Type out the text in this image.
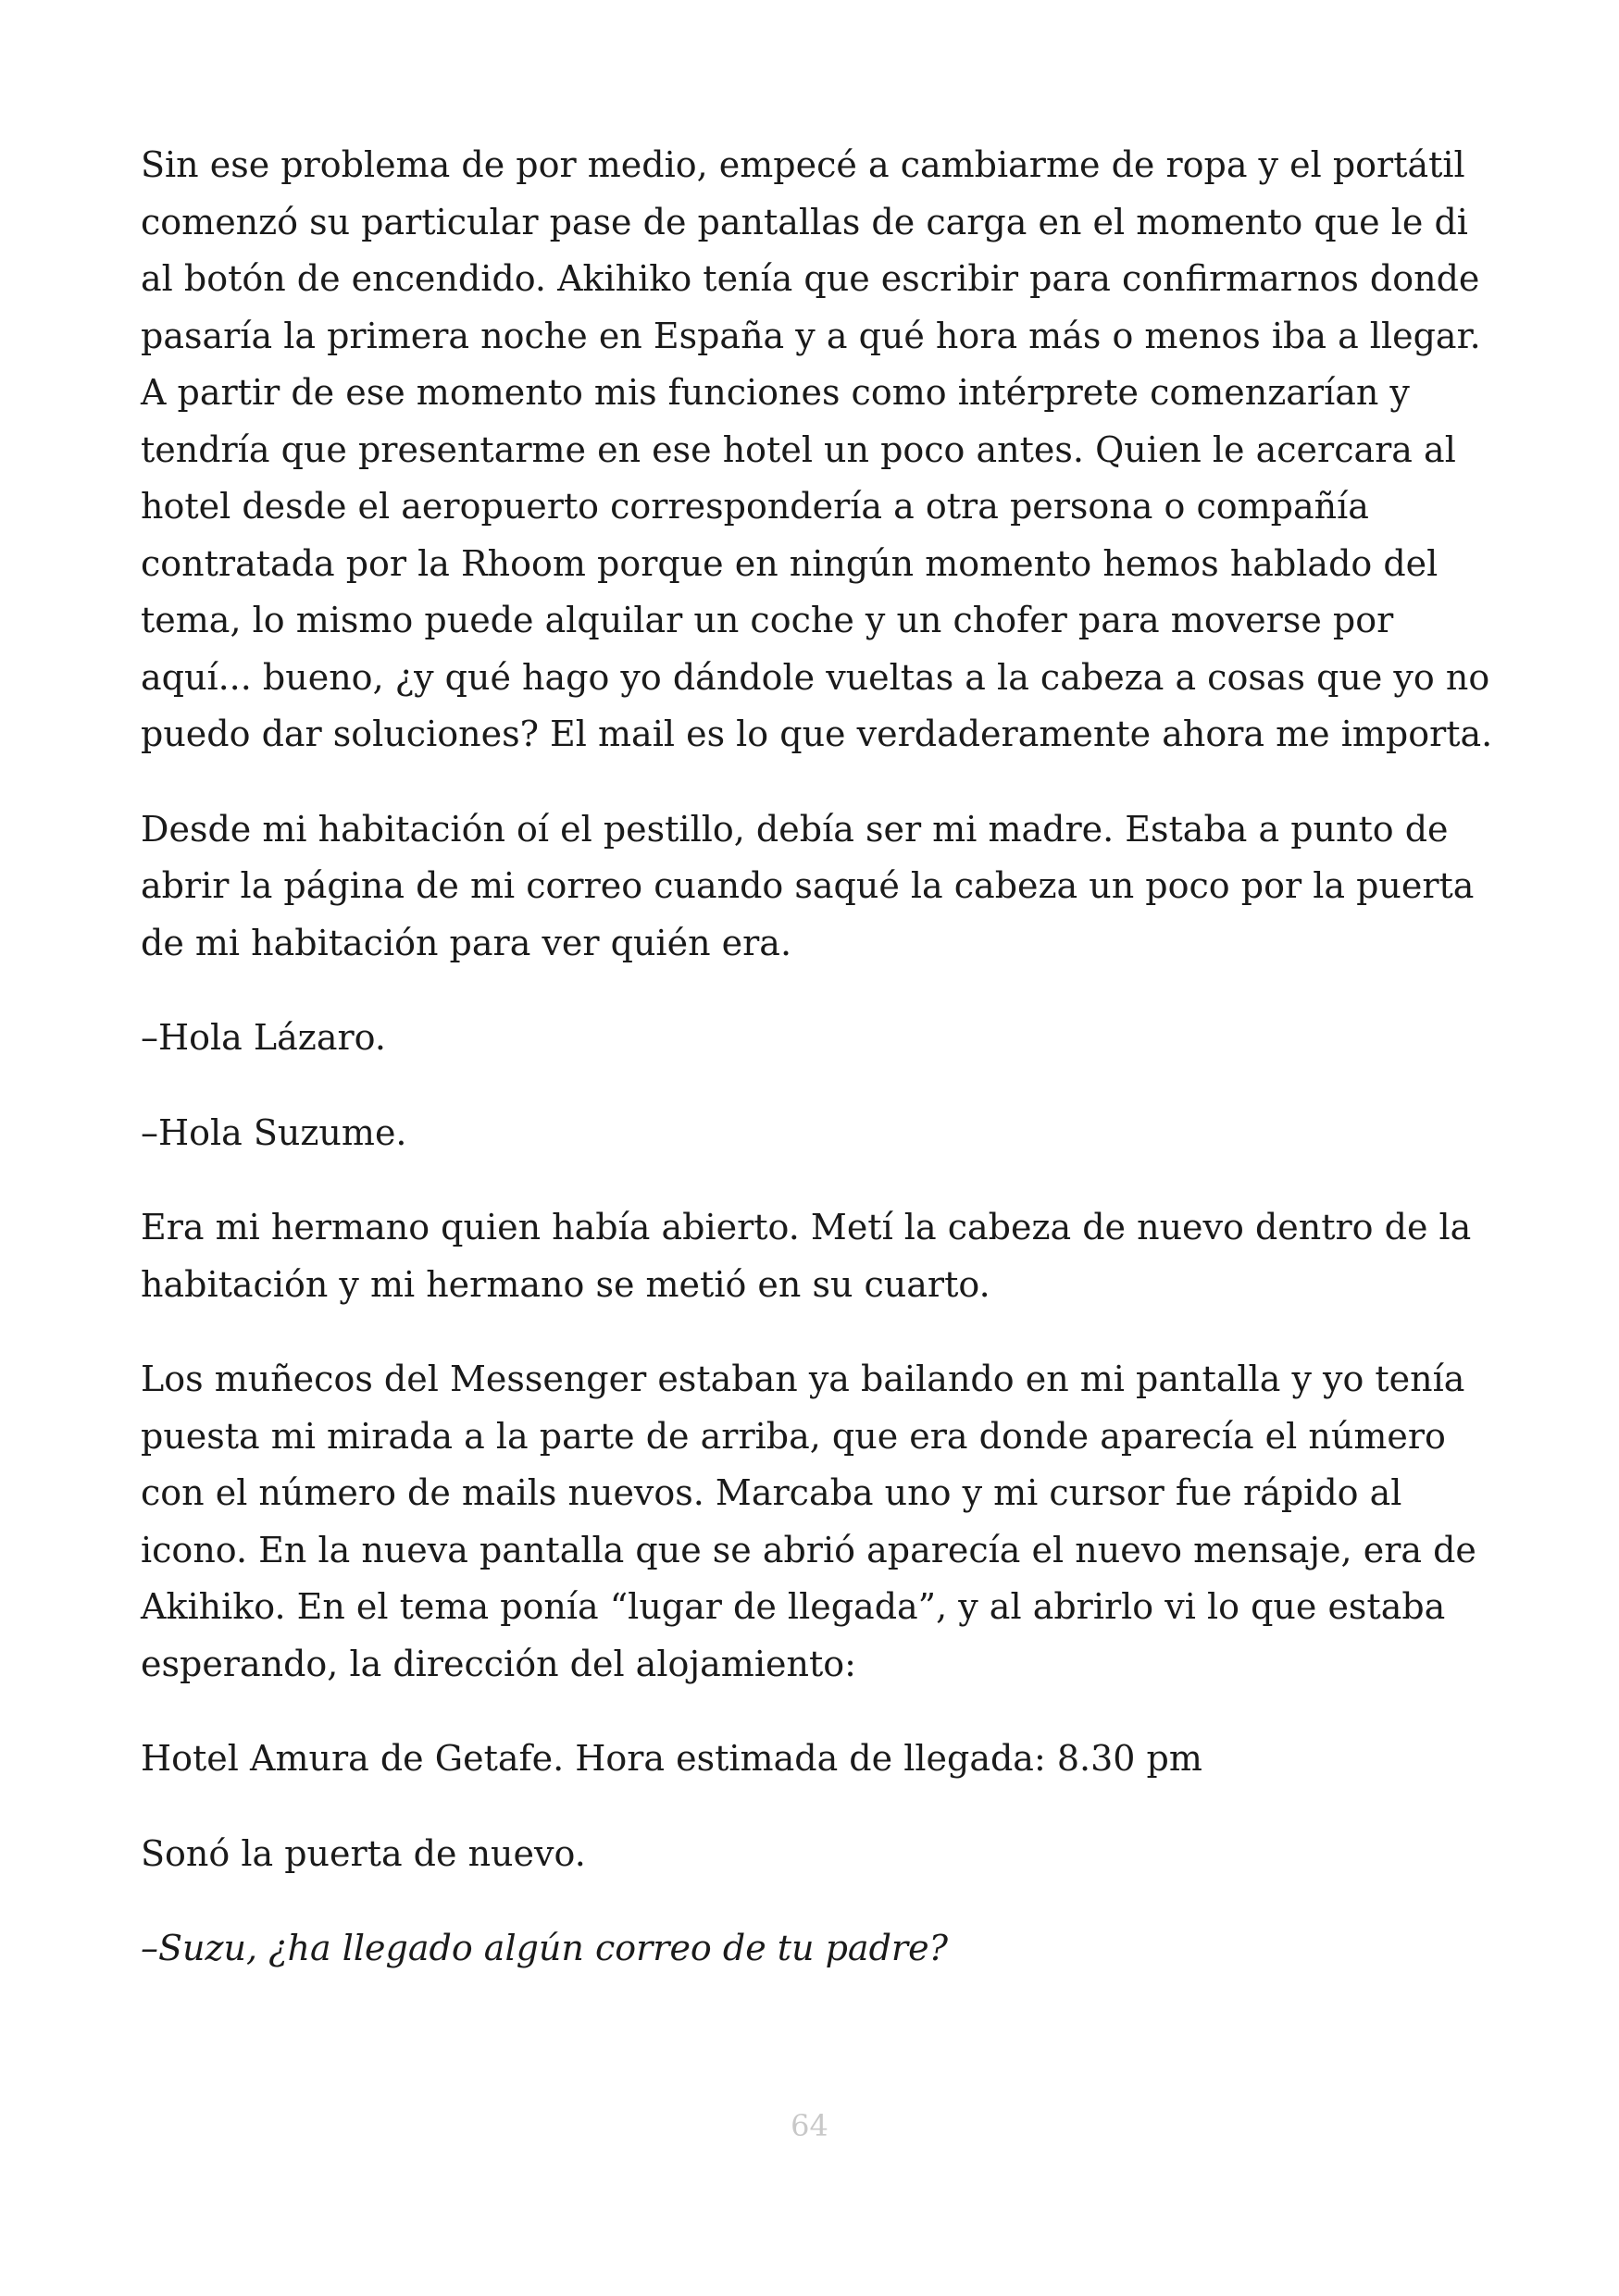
Sin ese problema de por medio, empecé a cambiarme de ropa y el portátil comenzó su particular pase de pantallas de carga en el momento que le di al botón de encendido. Akihiko tenía que escribir para confirmarnos donde pasaría la primera noche en España y a qué hora más o menos iba a llegar. A partir de ese momento mis funciones como intérprete comenzarían y tendría que presentarme en ese hotel un poco antes. Quien le acercara al hotel desde el aeropuerto correspondería a otra persona o compañía contratada por la Rhoom porque en ningún momento hemos hablado del tema, lo mismo puede alquilar un coche y un chofer para moverse por aquí... bueno, ¿y qué hago yo dándole vueltas a la cabeza a cosas que yo no puedo dar soluciones? El mail es lo que verdaderamente ahora me importa.

Desde mi habitación oí el pestillo, debía ser mi madre. Estaba a punto de abrir la página de mi correo cuando saqué la cabeza un poco por la puerta de mi habitación para ver quién era.

–Hola Lázaro.

–Hola Suzume.

Era mi hermano quien había abierto. Metí la cabeza de nuevo dentro de la habitación y mi hermano se metió en su cuarto.

Los muñecos del Messenger estaban ya bailando en mi pantalla y yo tenía puesta mi mirada a la parte de arriba, que era donde aparecía el número con el número de mails nuevos. Marcaba uno y mi cursor fue rápido al icono. En la nueva pantalla que se abrió aparecía el nuevo mensaje, era de Akihiko. En el tema ponía “lugar de llegada”, y al abrirlo vi lo que estaba esperando, la dirección del alojamiento:

Hotel Amura de Getafe. Hora estimada de llegada: 8.30 pm

Sonó la puerta de nuevo.

–Suzu, ¿ha llegado algún correo de tu padre?

64
